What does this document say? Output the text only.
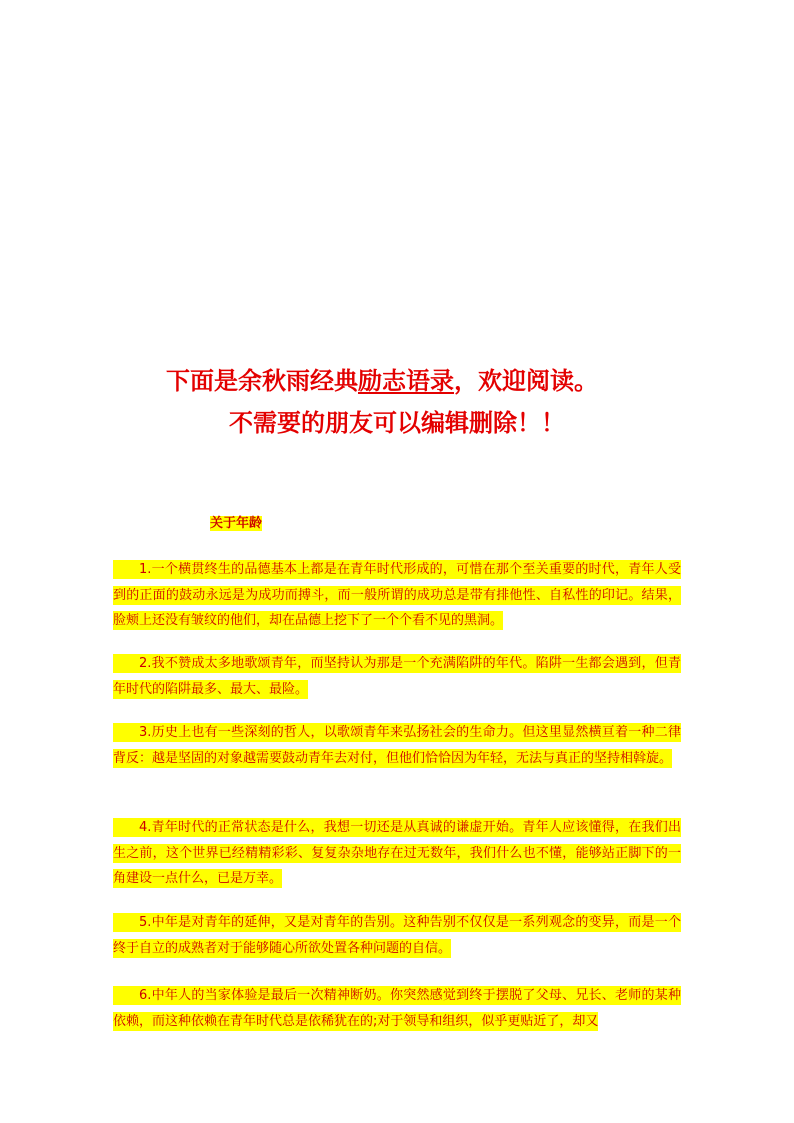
下面是余秋雨经典励志语录，欢迎阅读。
不需要的朋友可以编辑删除！！
关于年龄
1.一个横贯终生的品德基本上都是在青年时代形成的，可惜在那个至关重要的时代，青年人受到的正面的鼓动永远是为成功而搏斗，而一般所谓的成功总是带有排他性、自私性的印记。结果，脸颊上还没有皱纹的他们，却在品德上挖下了一个个看不见的黑洞。
2.我不赞成太多地歌颂青年，而坚持认为那是一个充满陷阱的年代。陷阱一生都会遇到，但青年时代的陷阱最多、最大、最险。
3.历史上也有一些深刻的哲人，以歌颂青年来弘扬社会的生命力。但这里显然横亘着一种二律背反：越是坚固的对象越需要鼓动青年去对付，但他们恰恰因为年轻，无法与真正的坚持相斡旋。
4.青年时代的正常状态是什么，我想一切还是从真诚的谦虚开始。青年人应该懂得，在我们出生之前，这个世界已经精精彩彩、复复杂杂地存在过无数年，我们什么也不懂，能够站正脚下的一角建设一点什么，已是万幸。
5.中年是对青年的延伸，又是对青年的告别。这种告别不仅仅是一系列观念的变异，而是一个终于自立的成熟者对于能够随心所欲处置各种问题的自信。
6.中年人的当家体验是最后一次精神断奶。你突然感觉到终于摆脱了父母、兄长、老师的某种依赖，而这种依赖在青年时代总是依稀犹在的;对于领导和组织，似乎更贴近了，却又
